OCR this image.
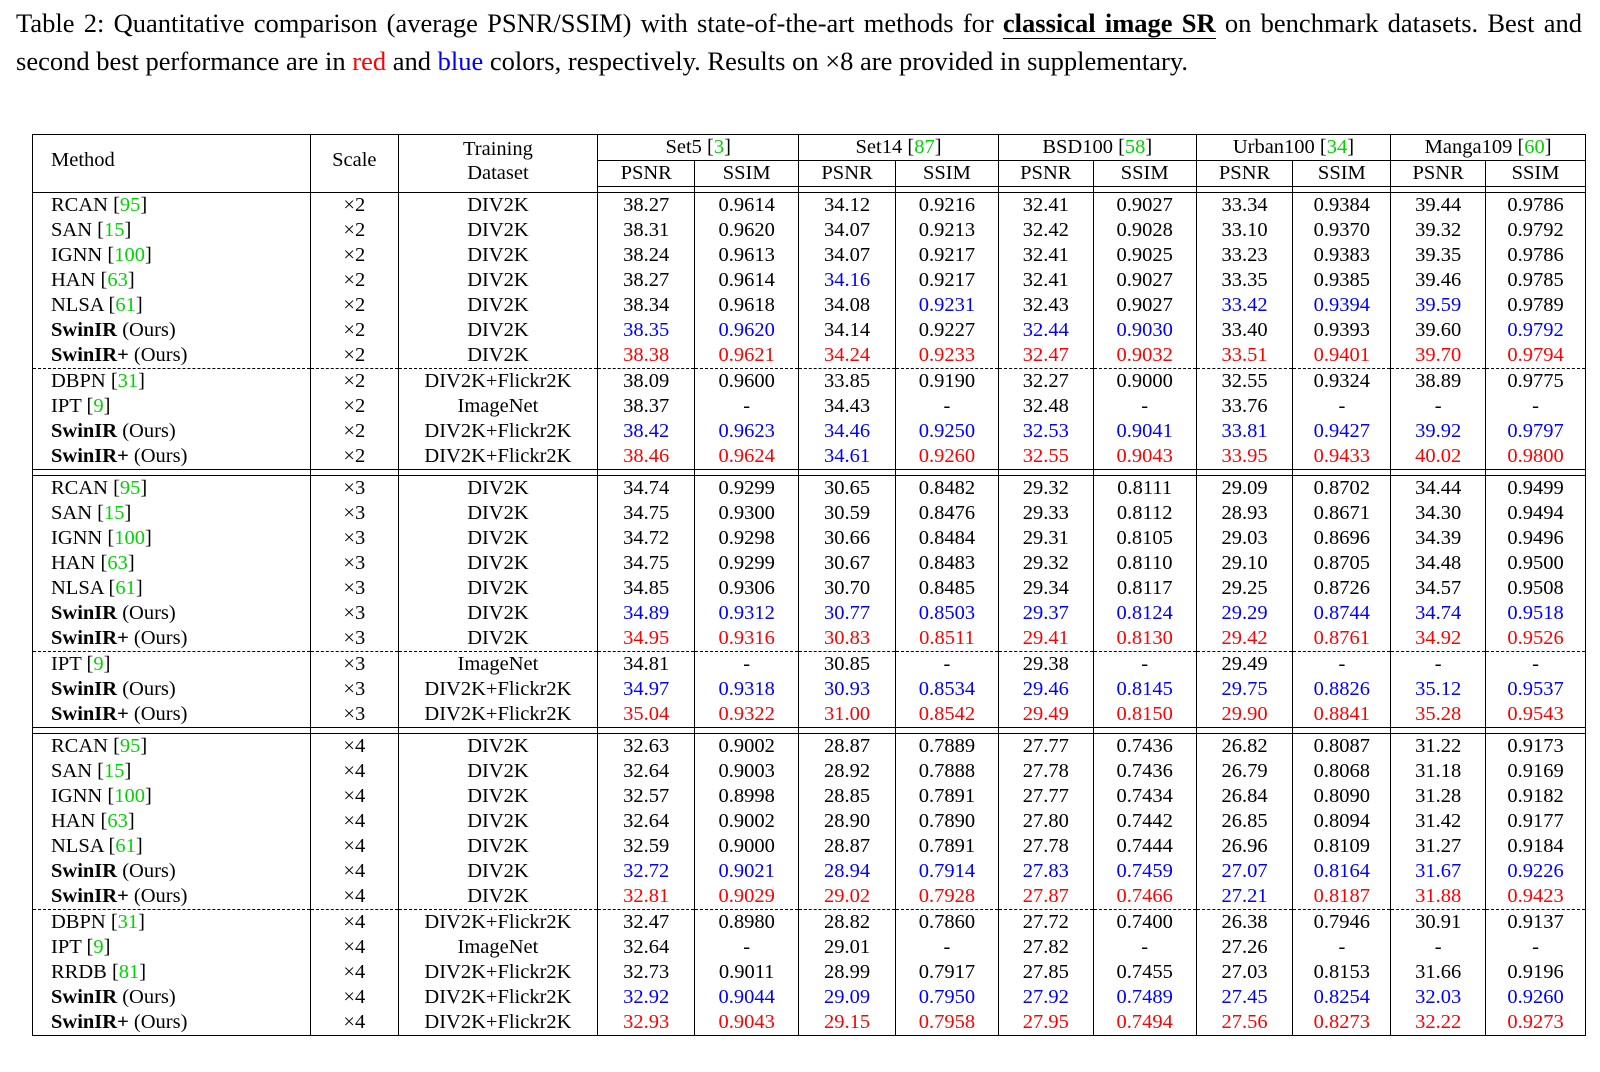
Table 2: Quantitative comparison (average PSNR/SSIM) with state-of-the-art methods for classical image SR on benchmark datasets. Best and second best performance are in red and blue colors, respectively. Results on ×8 are provided in supplementary.
Method	Scale	Training
Dataset	Set5 [3]		Set14 [87]		BSD100 [58]		Urban100 [34]		Manga109 [60]	
			PSNR	SSIM	PSNR	SSIM	PSNR	SSIM	PSNR	SSIM	PSNR	SSIM

RCAN [95]	×2	DIV2K	38.27	0.9614	34.12	0.9216	32.41	0.9027	33.34	0.9384	39.44	0.9786
SAN [15]	×2	DIV2K	38.31	0.9620	34.07	0.9213	32.42	0.9028	33.10	0.9370	39.32	0.9792
IGNN [100]	×2	DIV2K	38.24	0.9613	34.07	0.9217	32.41	0.9025	33.23	0.9383	39.35	0.9786
HAN [63]	×2	DIV2K	38.27	0.9614	34.16	0.9217	32.41	0.9027	33.35	0.9385	39.46	0.9785
NLSA [61]	×2	DIV2K	38.34	0.9618	34.08	0.9231	32.43	0.9027	33.42	0.9394	39.59	0.9789
SwinIR (Ours)	×2	DIV2K	38.35	0.9620	34.14	0.9227	32.44	0.9030	33.40	0.9393	39.60	0.9792
SwinIR+ (Ours)	×2	DIV2K	38.38	0.9621	34.24	0.9233	32.47	0.9032	33.51	0.9401	39.70	0.9794
DBPN [31]	×2	DIV2K+Flickr2K	38.09	0.9600	33.85	0.9190	32.27	0.9000	32.55	0.9324	38.89	0.9775
IPT [9]	×2	ImageNet	38.37	-	34.43	-	32.48	-	33.76	-	-	-
SwinIR (Ours)	×2	DIV2K+Flickr2K	38.42	0.9623	34.46	0.9250	32.53	0.9041	33.81	0.9427	39.92	0.9797
SwinIR+ (Ours)	×2	DIV2K+Flickr2K	38.46	0.9624	34.61	0.9260	32.55	0.9043	33.95	0.9433	40.02	0.9800

RCAN [95]	×3	DIV2K	34.74	0.9299	30.65	0.8482	29.32	0.8111	29.09	0.8702	34.44	0.9499
SAN [15]	×3	DIV2K	34.75	0.9300	30.59	0.8476	29.33	0.8112	28.93	0.8671	34.30	0.9494
IGNN [100]	×3	DIV2K	34.72	0.9298	30.66	0.8484	29.31	0.8105	29.03	0.8696	34.39	0.9496
HAN [63]	×3	DIV2K	34.75	0.9299	30.67	0.8483	29.32	0.8110	29.10	0.8705	34.48	0.9500
NLSA [61]	×3	DIV2K	34.85	0.9306	30.70	0.8485	29.34	0.8117	29.25	0.8726	34.57	0.9508
SwinIR (Ours)	×3	DIV2K	34.89	0.9312	30.77	0.8503	29.37	0.8124	29.29	0.8744	34.74	0.9518
SwinIR+ (Ours)	×3	DIV2K	34.95	0.9316	30.83	0.8511	29.41	0.8130	29.42	0.8761	34.92	0.9526
IPT [9]	×3	ImageNet	34.81	-	30.85	-	29.38	-	29.49	-	-	-
SwinIR (Ours)	×3	DIV2K+Flickr2K	34.97	0.9318	30.93	0.8534	29.46	0.8145	29.75	0.8826	35.12	0.9537
SwinIR+ (Ours)	×3	DIV2K+Flickr2K	35.04	0.9322	31.00	0.8542	29.49	0.8150	29.90	0.8841	35.28	0.9543

RCAN [95]	×4	DIV2K	32.63	0.9002	28.87	0.7889	27.77	0.7436	26.82	0.8087	31.22	0.9173
SAN [15]	×4	DIV2K	32.64	0.9003	28.92	0.7888	27.78	0.7436	26.79	0.8068	31.18	0.9169
IGNN [100]	×4	DIV2K	32.57	0.8998	28.85	0.7891	27.77	0.7434	26.84	0.8090	31.28	0.9182
HAN [63]	×4	DIV2K	32.64	0.9002	28.90	0.7890	27.80	0.7442	26.85	0.8094	31.42	0.9177
NLSA [61]	×4	DIV2K	32.59	0.9000	28.87	0.7891	27.78	0.7444	26.96	0.8109	31.27	0.9184
SwinIR (Ours)	×4	DIV2K	32.72	0.9021	28.94	0.7914	27.83	0.7459	27.07	0.8164	31.67	0.9226
SwinIR+ (Ours)	×4	DIV2K	32.81	0.9029	29.02	0.7928	27.87	0.7466	27.21	0.8187	31.88	0.9423
DBPN [31]	×4	DIV2K+Flickr2K	32.47	0.8980	28.82	0.7860	27.72	0.7400	26.38	0.7946	30.91	0.9137
IPT [9]	×4	ImageNet	32.64	-	29.01	-	27.82	-	27.26	-	-	-
RRDB [81]	×4	DIV2K+Flickr2K	32.73	0.9011	28.99	0.7917	27.85	0.7455	27.03	0.8153	31.66	0.9196
SwinIR (Ours)	×4	DIV2K+Flickr2K	32.92	0.9044	29.09	0.7950	27.92	0.7489	27.45	0.8254	32.03	0.9260
SwinIR+ (Ours)	×4	DIV2K+Flickr2K	32.93	0.9043	29.15	0.7958	27.95	0.7494	27.56	0.8273	32.22	0.9273
